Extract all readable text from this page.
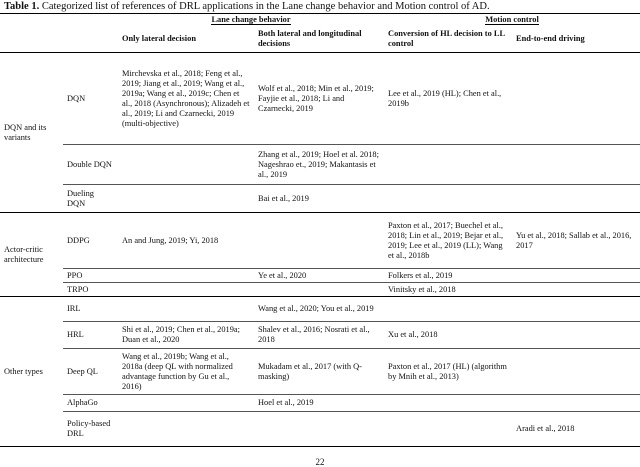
Table 1. Categorized list of references of DRL applications in the Lane change behavior and Motion control of AD.
		Lane change behavior		Motion control	
		Only lateral decision	Both lateral and longitudinal decisions	Conversion of HL decision to LL control	End-to-end driving
DQN and its variants	DQN	Mirchevska et al., 2018; Feng et al., 2019; Jiang et al., 2019; Wang et al., 2019a; Wang et al., 2019c; Chen et al., 2018 (Asynchronous); Alizadeh et al., 2019; Li and Czarnecki, 2019 (multi-objective)	Wolf et al., 2018; Min et al., 2019; Fayjie et al., 2018; Li and Czarnecki, 2019	Lee et al., 2019 (HL); Chen et al., 2019b	
	Double DQN		Zhang et al., 2019; Hoel et al. 2018; Nageshrao et., 2019; Makantasis et al., 2019		
	Dueling DQN		Bai et al., 2019		
Actor-critic architecture	DDPG	An and Jung, 2019; Yi, 2018		Paxton et al., 2017; Buechel et al., 2018; Lin et al., 2019; Bejar et al., 2019; Lee et al., 2019 (LL); Wang et al., 2018b	Yu et al., 2018; Sallab et al., 2016, 2017
	PPO		Ye et al., 2020	Folkers et al., 2019	
	TRPO			Vinitsky et al., 2018	
Other types	IRL		Wang et al., 2020; You et al., 2019		
	HRL	Shi et al., 2019; Chen et al., 2019a; Duan et al., 2020	Shalev et al., 2016; Nosrati et al., 2018	Xu et al., 2018	
	Deep QL	Wang et al., 2019b; Wang et al., 2018a (deep QL with normalized advantage function by Gu et al., 2016)	Mukadam et al., 2017 (with Q-masking)	Paxton et al., 2017 (HL) (algorithm by Mnih et al., 2013)	
	AlphaGo		Hoel et al., 2019		
	Policy-based DRL				Aradi et al., 2018
22
